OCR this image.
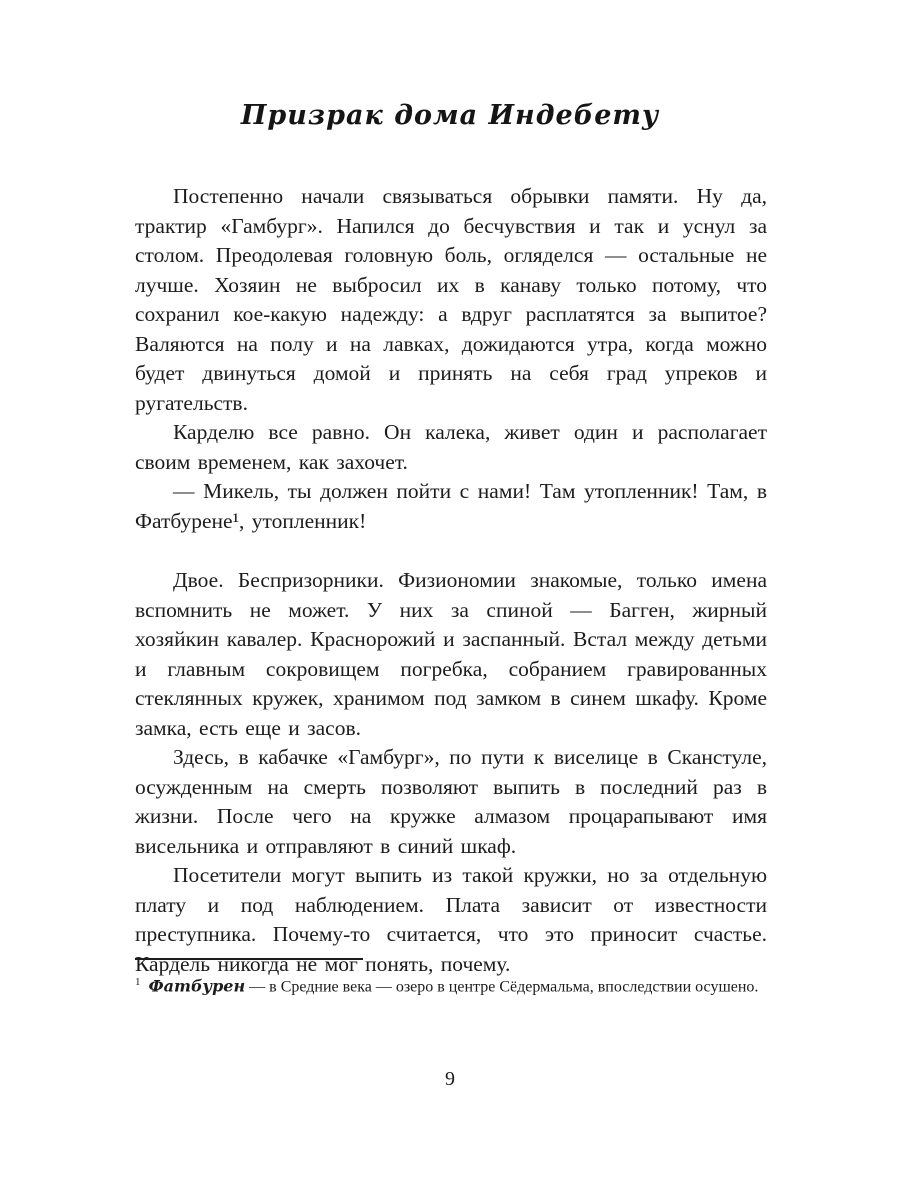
Призрак дома Индебету

Постепенно начали связываться обрывки памяти. Ну да, трактир «Гамбург». Напился до бесчувствия и так и уснул за столом. Преодолевая головную боль, огляделся — остальные не лучше. Хозяин не выбросил их в канаву только потому, что сохранил кое-какую надежду: а вдруг расплатятся за выпитое? Валяются на полу и на лавках, дожидаются утра, когда можно будет двинуться домой и принять на себя град упреков и ругательств.

Карделю все равно. Он калека, живет один и располагает своим временем, как захочет.

— Микель, ты должен пойти с нами! Там утопленник! Там, в Фатбурене¹, утопленник!

Двое. Беспризорники. Физиономии знакомые, только имена вспомнить не может. У них за спиной — Багген, жирный хозяйкин кавалер. Краснорожий и заспанный. Встал между детьми и главным сокровищем погребка, собранием гравированных стеклянных кружек, хранимом под замком в синем шкафу. Кроме замка, есть еще и засов.

Здесь, в кабачке «Гамбург», по пути к виселице в Сканстуле, осужденным на смерть позволяют выпить в последний раз в жизни. После чего на кружке алмазом процарапывают имя висельника и отправляют в синий шкаф.

Посетители могут выпить из такой кружки, но за отдельную плату и под наблюдением. Плата зависит от известности преступника. Почему-то считается, что это приносит счастье. Кардель никогда не мог понять, почему.

$^1$ Фатбурен — в Средние века — озеро в центре Сёдермальма, впоследствии осушено.

9
